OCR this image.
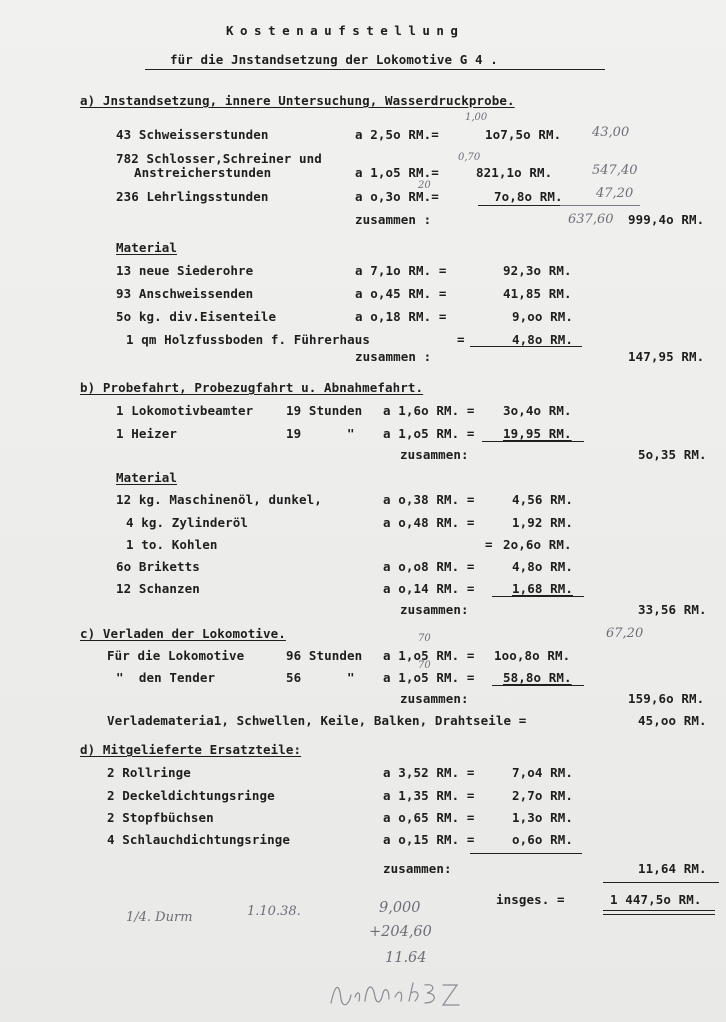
Kostenaufstellung
für die Jnstandsetzung der Lokomotive G 4 .
a) Jnstandsetzung, innere Untersuchung, Wasserdruckprobe.
43 Schweisserstunden	a 2,5o RM.=	1o7,5o RM.
782 Schlosser,Schreiner und
Anstreicherstunden	a 1,o5 RM.=	821,1o RM.
236 Lehrlingsstunden	a o,3o RM.=	7o,8o RM.
zusammen :	999,4o RM.
Material
13 neue Siederohre	a 7,1o RM. =	92,3o RM.
93 Anschweissenden	a o,45 RM. =	41,85 RM.
5o kg. div.Eisenteile	a o,18 RM. =	9,oo RM.
1 qm Holzfussboden f. Führerhaus	=	4,8o RM.
zusammen :	147,95 RM.
b) Probefahrt, Probezugfahrt u. Abnahmefahrt.
1 Lokomotivbeamter	19 Stunden a 1,6o RM. = 3o,4o RM.
1 Heizer	19      " a 1,o5 RM. = 19,95 RM.
zusammen:	5o,35 RM.
Material
12 kg. Maschinenöl, dunkel,	a o,38 RM. =	4,56 RM.
4 kg. Zylinderöl	a o,48 RM. =	1,92 RM.
1 to. Kohlen	= 2o,6o RM.
6o Briketts	a o,o8 RM. =	4,8o RM.
12 Schanzen	a o,14 RM. =	1,68 RM.
zusammen:	33,56 RM.
c) Verladen der Lokomotive.
Für die Lokomotive	96 Stunden a 1,o5 RM. = 1oo,8o RM.
"  den Tender	56      " a 1,o5 RM. = 58,8o RM.
zusammen:	159,6o RM.
Verlademateria1, Schwellen, Keile, Balken, Drahtseile =	45,oo RM.
d) Mitgelieferte Ersatzteile:
2 Rollringe	a 3,52 RM. =	7,o4 RM.
2 Deckeldichtungsringe	a 1,35 RM. =	2,7o RM.
2 Stopfbüchsen	a o,65 RM. =	1,3o RM.
4 Schlauchdichtungsringe	a o,15 RM. =	o,6o RM.
zusammen:	11,64 RM.
insges. =	1 447,5o RM.
1,00
43,00
0,70
547,40
20
47,20
637,60
70
70
67,20
1/4. Durm	1.10.38.	9,000
+204,60
11.64
